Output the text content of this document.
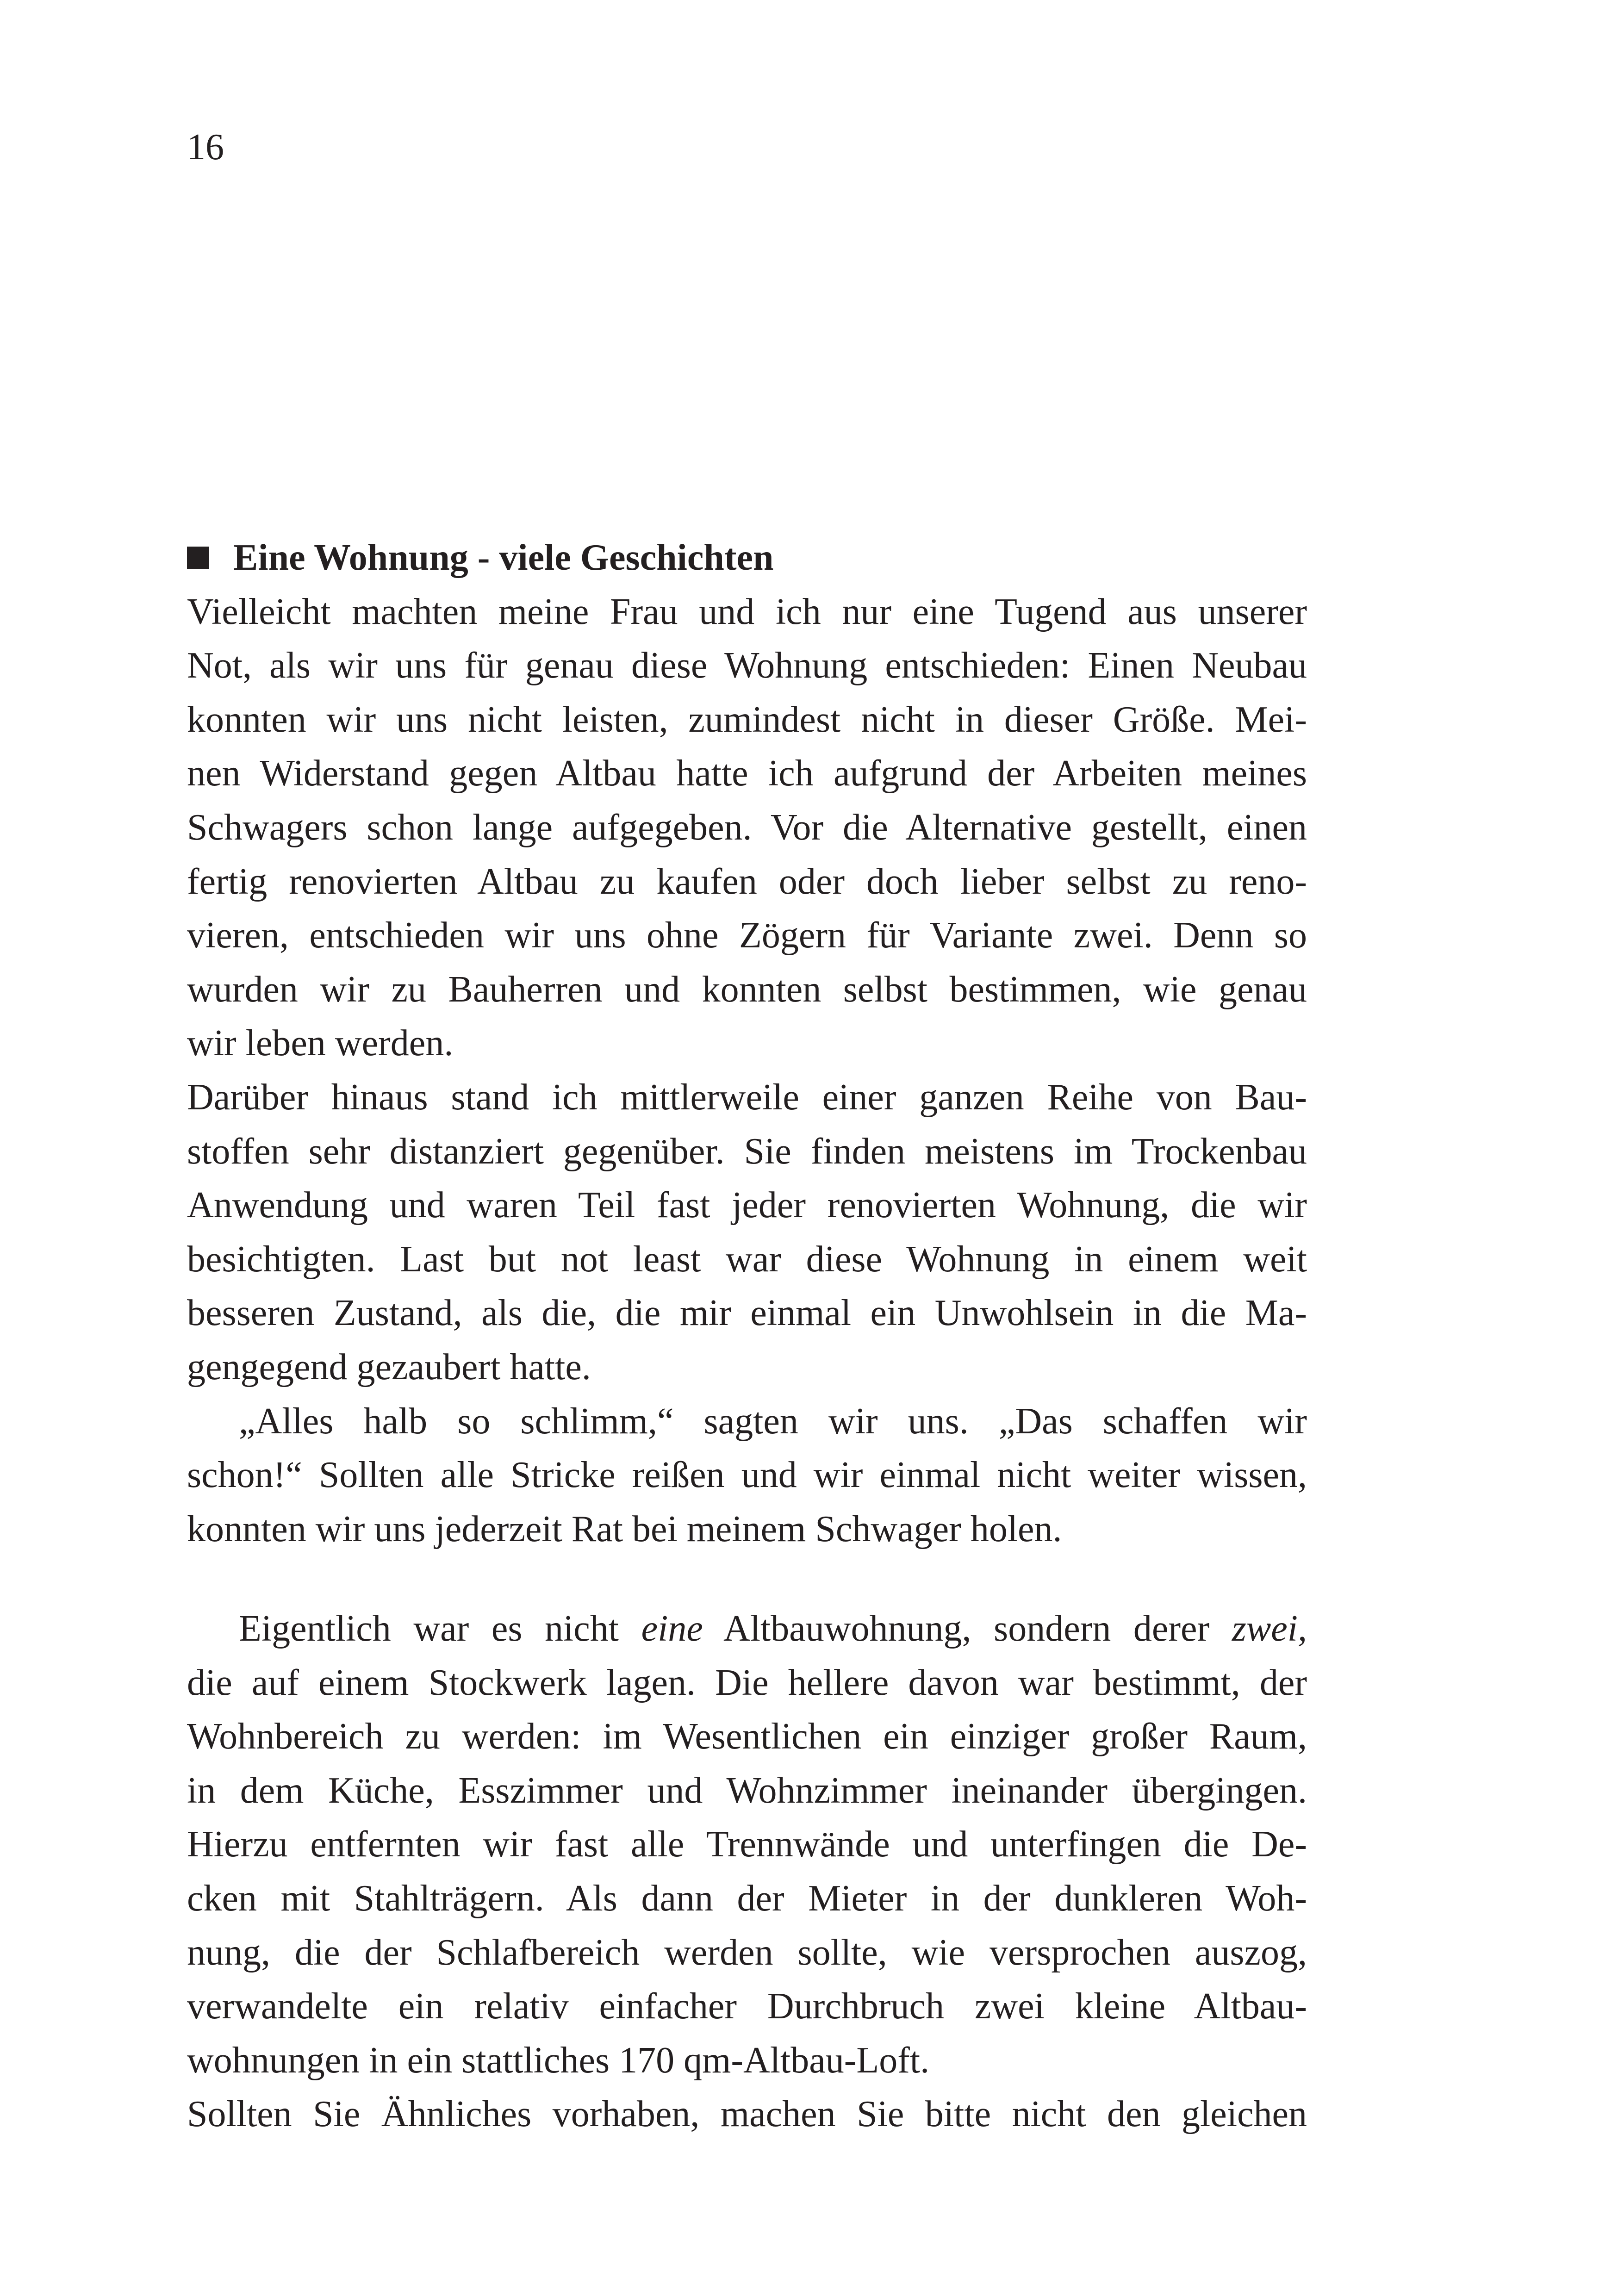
16
Eine Wohnung - viele Geschichten
Vielleicht machten meine Frau und ich nur eine Tugend aus unserer
Not, als wir uns für genau diese Wohnung entschieden: Einen Neubau
konnten wir uns nicht leisten, zumindest nicht in dieser Größe. Mei-
nen Widerstand gegen Altbau hatte ich aufgrund der Arbeiten meines
Schwagers schon lange aufgegeben. Vor die Alternative gestellt, einen
fertig renovierten Altbau zu kaufen oder doch lieber selbst zu reno-
vieren, entschieden wir uns ohne Zögern für Variante zwei. Denn so
wurden wir zu Bauherren und konnten selbst bestimmen, wie genau
wir leben werden.
Darüber hinaus stand ich mittlerweile einer ganzen Reihe von Bau-
stoffen sehr distanziert gegenüber. Sie finden meistens im Trockenbau
Anwendung und waren Teil fast jeder renovierten Wohnung, die wir
besichtigten. Last but not least war diese Wohnung in einem weit
besseren Zustand, als die, die mir einmal ein Unwohlsein in die Ma-
gengegend gezaubert hatte.
„Alles halb so schlimm,“ sagten wir uns. „Das schaffen wir
schon!“ Sollten alle Stricke reißen und wir einmal nicht weiter wissen,
konnten wir uns jederzeit Rat bei meinem Schwager holen.
Eigentlich war es nicht eine Altbauwohnung, sondern derer zwei,
die auf einem Stockwerk lagen. Die hellere davon war bestimmt, der
Wohnbereich zu werden: im Wesentlichen ein einziger großer Raum,
in dem Küche, Esszimmer und Wohnzimmer ineinander übergingen.
Hierzu entfernten wir fast alle Trennwände und unterfingen die De-
cken mit Stahlträgern. Als dann der Mieter in der dunkleren Woh-
nung, die der Schlafbereich werden sollte, wie versprochen auszog,
verwandelte ein relativ einfacher Durchbruch zwei kleine Altbau-
wohnungen in ein stattliches 170 qm-Altbau-Loft.
Sollten Sie Ähnliches vorhaben, machen Sie bitte nicht den gleichen
